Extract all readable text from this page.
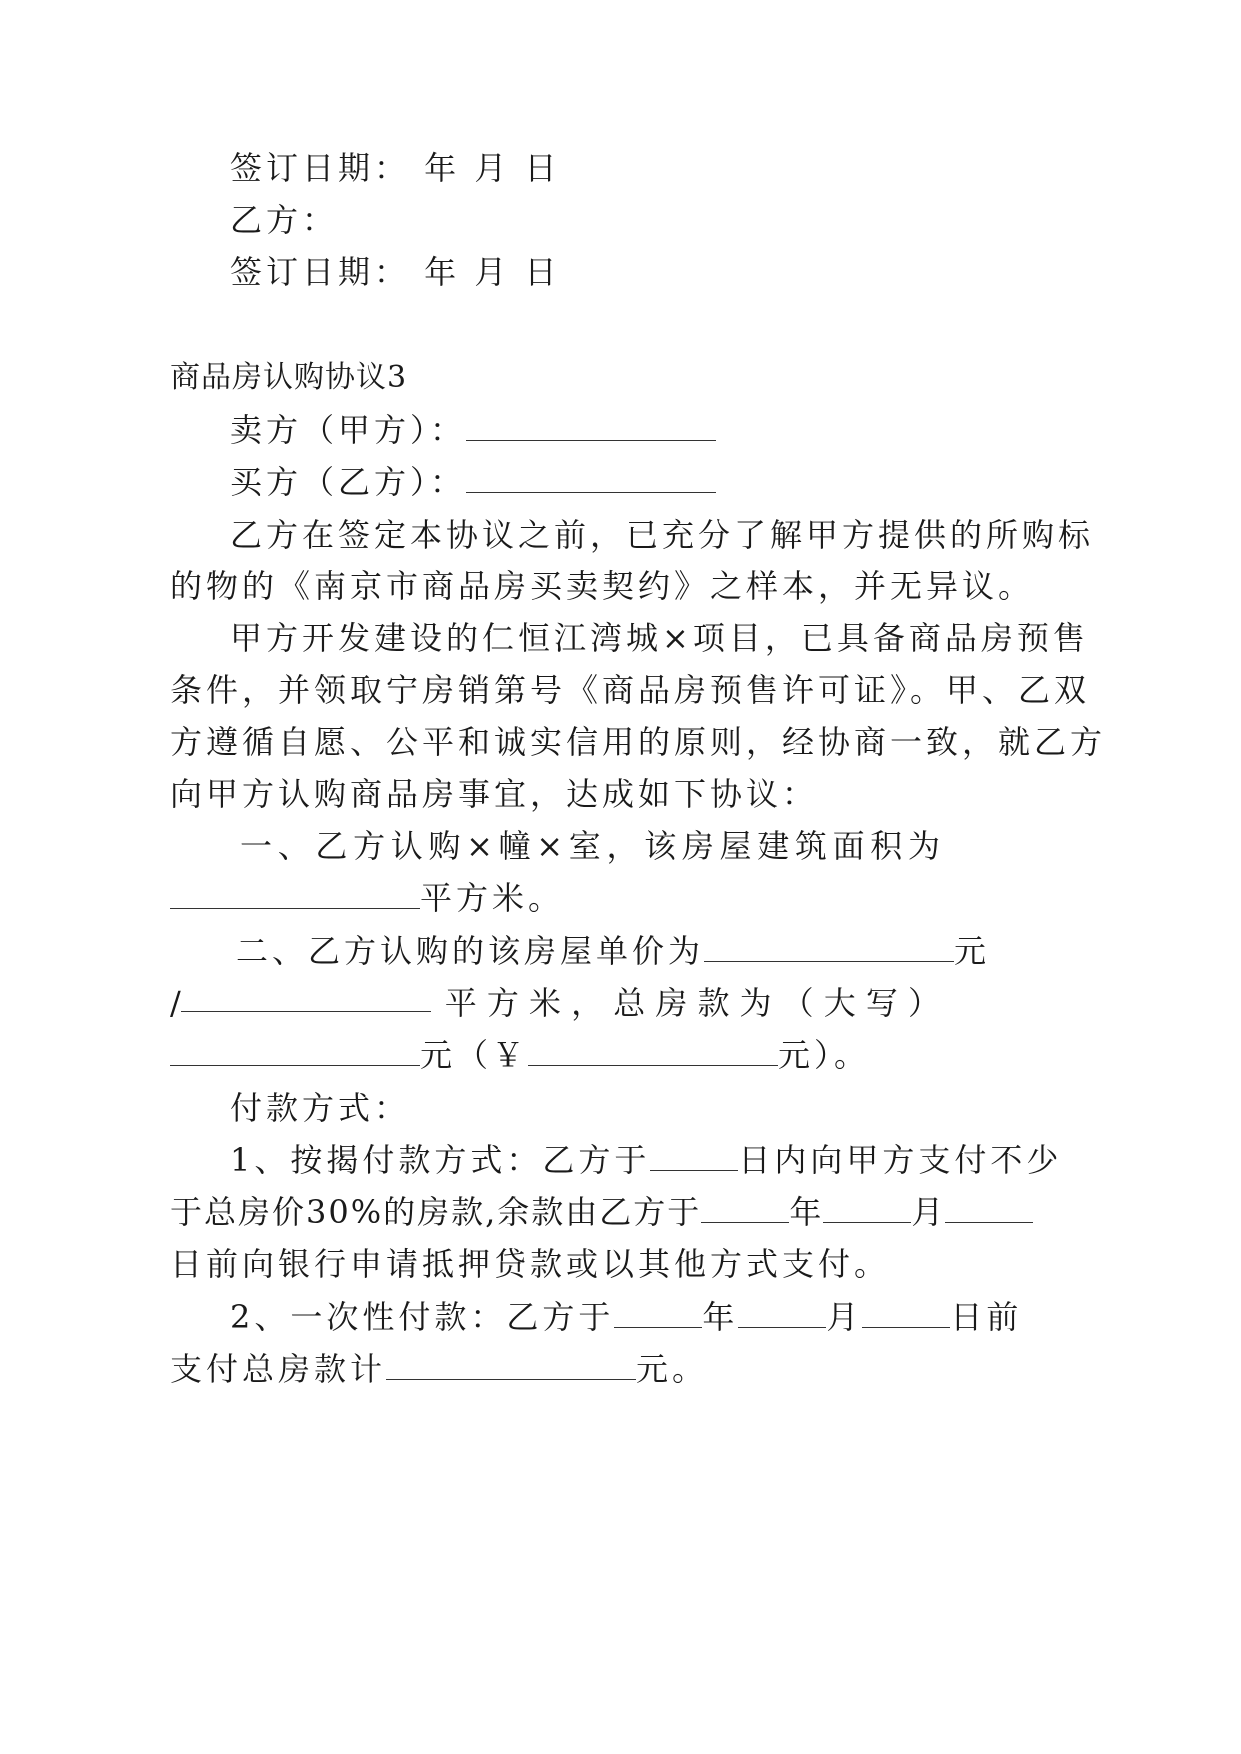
签订日期： 年 月 日
乙方：
签订日期： 年 月 日
商品房认购协议3
卖方（甲方）：
买方（乙方）：
乙方在签定本协议之前，已充分了解甲方提供的所购标
的物的《南京市商品房买卖契约》之样本，并无异议。
甲方开发建设的仁恒江湾城×项目，已具备商品房预售
条件，并领取宁房销第号《商品房预售许可证》。甲、乙双
方遵循自愿、公平和诚实信用的原则，经协商一致，就乙方
向甲方认购商品房事宜，达成如下协议：
一 、 乙 方 认 购 × 幢 × 室 ， 该 房 屋 建 筑 面 积 为
平方米。
二、乙方认购的该房屋单价为	元
/	平 方 米 ， 总 房 款 为 （ 大 写 ）
元（￥	元）。
付款方式：
1、按揭付款方式：乙方于	日内向甲方支付不少
于总房价30%的房款,余款由乙方于	年	月
日前向银行申请抵押贷款或以其他方式支付。
2、一次性付款：乙方于	年	月	日前
支付总房款计	元。
